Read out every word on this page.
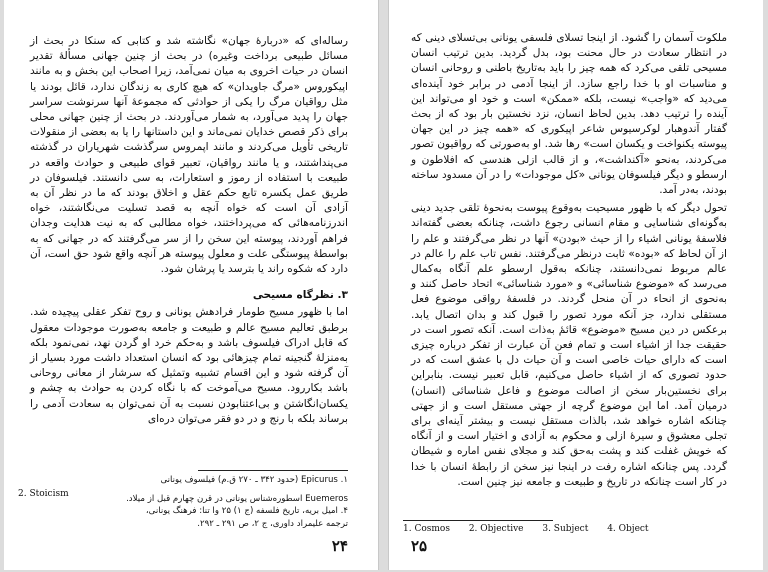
رساله‌ای که «دربارهٔ جهان» نگاشته شد و کتابی که سنکا در بحث از مسائل طبیعی برداخت وغیره) در بحث از چنین جهانی مسألهٔ تقدیر انسان در حیات اخروی به میان نمی‌آمد، زیرا اصحاب این بخش و به مانند اپیکوروس «مرگ جاویدان» که هیچ کاری به زندگان ندارد، قائل بودند یا مثل رواقیان مرگ را یکی از حوادثی که مجموعهٔ آنها سرنوشت سراسر جهان را پدید می‌آورد، به شمار می‌آوردند. در بحث از چنین جهانی محلی برای ذکر قصص خدایان نمی‌ماند و این داستانها را یا به بعضی از منقولات تاریخی تأویل می‌کردند و مانند اپمروس سرگذشت شهریاران در گذشته می‌پنداشتند، و یا مانند رواقیان، تعبیر قوای طبیعی و حوادث واقعه در طبیعت با استفاده از رموز و استعارات، به سی دانستند. فیلسوفان در طریق عمل یکسره تابع حکم عقل و اخلاق بودند که ما در نظر آن به آزادی آن است که خواه آنچه به قصد تسلیت می‌نگاشتند، خواه اندرزنامه‌هائی که می‌پرداختند، خواه مطالبی که به نیت هدایت وجدان فراهم آوردند، پیوسته این سخن را از سر می‌گرفتند که در جهانی که به بواسطهٔ پیوستگی علت و معلول پیوسته هر آنچه واقع شود حق است، آن دارد که شکوه راند یا بترسد یا پرشان شود.

۳. نظرگاه مسیحی

اما با ظهور مسیح طومار فرادهش یونانی و روح تفکر عقلی پیچیده شد. برطبق تعالیم مسیح عالم و طبیعت و جامعه به‌صورت موجودات معقول که قابل ادراک فیلسوف باشد و به‌حکم خرد او گردن نهد، نمی‌نمود بلکه به‌منزلهٔ گنجینه تمام چیزهائی بود که انسان استعداد داشت مورد بسیار از آن گرفته شود و این اقسام تشبیه وتمثیل که سرشار از معانی روحانی باشد بکاررود. مسیح می‌آموخت که با نگاه کردن به حوادث به چشم و یکسان‌انگاشتن و بی‌اعتنابودن نسبت به آن نمی‌توان به سعادت آدمی را برساند بلکه با رنج و در دو فقر می‌توان دره‌ای

۱. Epicurus (حدود ۳۴۲ ـ ۲۷۰ ق.م) فیلسوف یونانی
Euemeros اسطوره‌شناس یونانی در قرن چهارم قبل از میلاد.
۴. امیل بریه، تاریخ فلسفه (ج ۱) ۲۵ وا تنا: فرهنگ یونانی، ترجمه علیمراد داوری، ج ۲، ص ۲۹۱ ـ ۲۹۲.
2. Stoicism
۲۴

ملکوت آسمان را گشود. از اینجا تسلای فلسفی یونانی بی‌تسلای دینی که در انتظار سعادت در حال محنت بود، بدل گردید. بدین ترتیب انسان مسیحی تلقی می‌کرد که همه چیز را باید به‌تاریخ باطنی و روحانی انسان و مناسبات او با خدا راجع سازد. از اینجا آدمی در برابر خود آینده‌ای می‌دید که «واجب» نیست، بلکه «ممکن» است و خود او می‌تواند این آینده را ترتیب دهد. بدین لحاظ انسان، نزد نخستین بار بود که از بحث گفتار آندوهبار لوکرسیوس شاعر اپیکوری که «همه چیز در این جهان پیوسته یکنواخت و یکسان است» رها شد. او به‌صورتی که رواقیون تصور می‌کردند، به‌نحو «آکنداشت»، و از قالب ازلی هندسی که افلاطون و ارسطو و دیگر فیلسوفان یونانی «کل موجودات» را در آن مسدود ساخته بودند، به‌در آمد.

تحول دیگر که با ظهور مسیحیت به‌وقوع پیوست به‌نحوهٔ تلقی جدید دینی به‌گونه‌ای شناسایی و مقام انسانی رجوع داشت، چنانکه بعضی گفته‌اند فلاسفهٔ یونانی اشیاء را از حیث «بودن» آنها در نظر می‌گرفتند و علم را از آن لحاظ که «بوده» ثابت درنظر می‌گرفتند. نفس تاب علم را عالم در عالم مربوط نمی‌دانستند، چنانکه به‌قول ارسطو علم آنگاه به‌کمال می‌رسد که «موضوع شناسائی» و «مورد شناسائی» اتحاد حاصل کنند و به‌نحوی از انحاء در آن منحل گردند. در فلسفهٔ رواقی موضوع فعل مستقلی ندارد، جز آنکه مورد تصور را قبول کند و بدان اتصال یابد. برعکس در دین مسیح «موضوع» قائمٔ به‌ذات است. آنکه تصور است در حقیقت جدا از اشیاء است و تمام فعن آن عبارت از تفکر درباره چیزی است که دارای حیات خاصی است و آن حیات دل با عشق است که در حدود تصوری که از اشیاء حاصل می‌کنیم، قابل تعبیر نیست. بنابراین برای نخستین‌بار سخن از اصالت موضوع و فاعل شناسائی (انسان) درمیان آمد. اما این موضوع گرچه از جهتی مستقل است و از جهتی چنانکه اشاره خواهد شد، بالذات مستقل نیست و بیشتر آینه‌ای برای تجلی معشوق و سیرهٔ ازلی و محکوم به آزادی و اختیار است و از آنگاه که خویش غفلت کند و پشت به‌حق کند و مجلای نفس اماره و شیطان گردد. پس چنانکه اشاره رفت در اینجا نیز سخن از رابطهٔ انسان با خدا در کار است چنانکه در تاریخ و طبیعت و جامعه نیز چنین است.

1. Cosmos 2. Objective 3. Subject 4. Object
۲۵
